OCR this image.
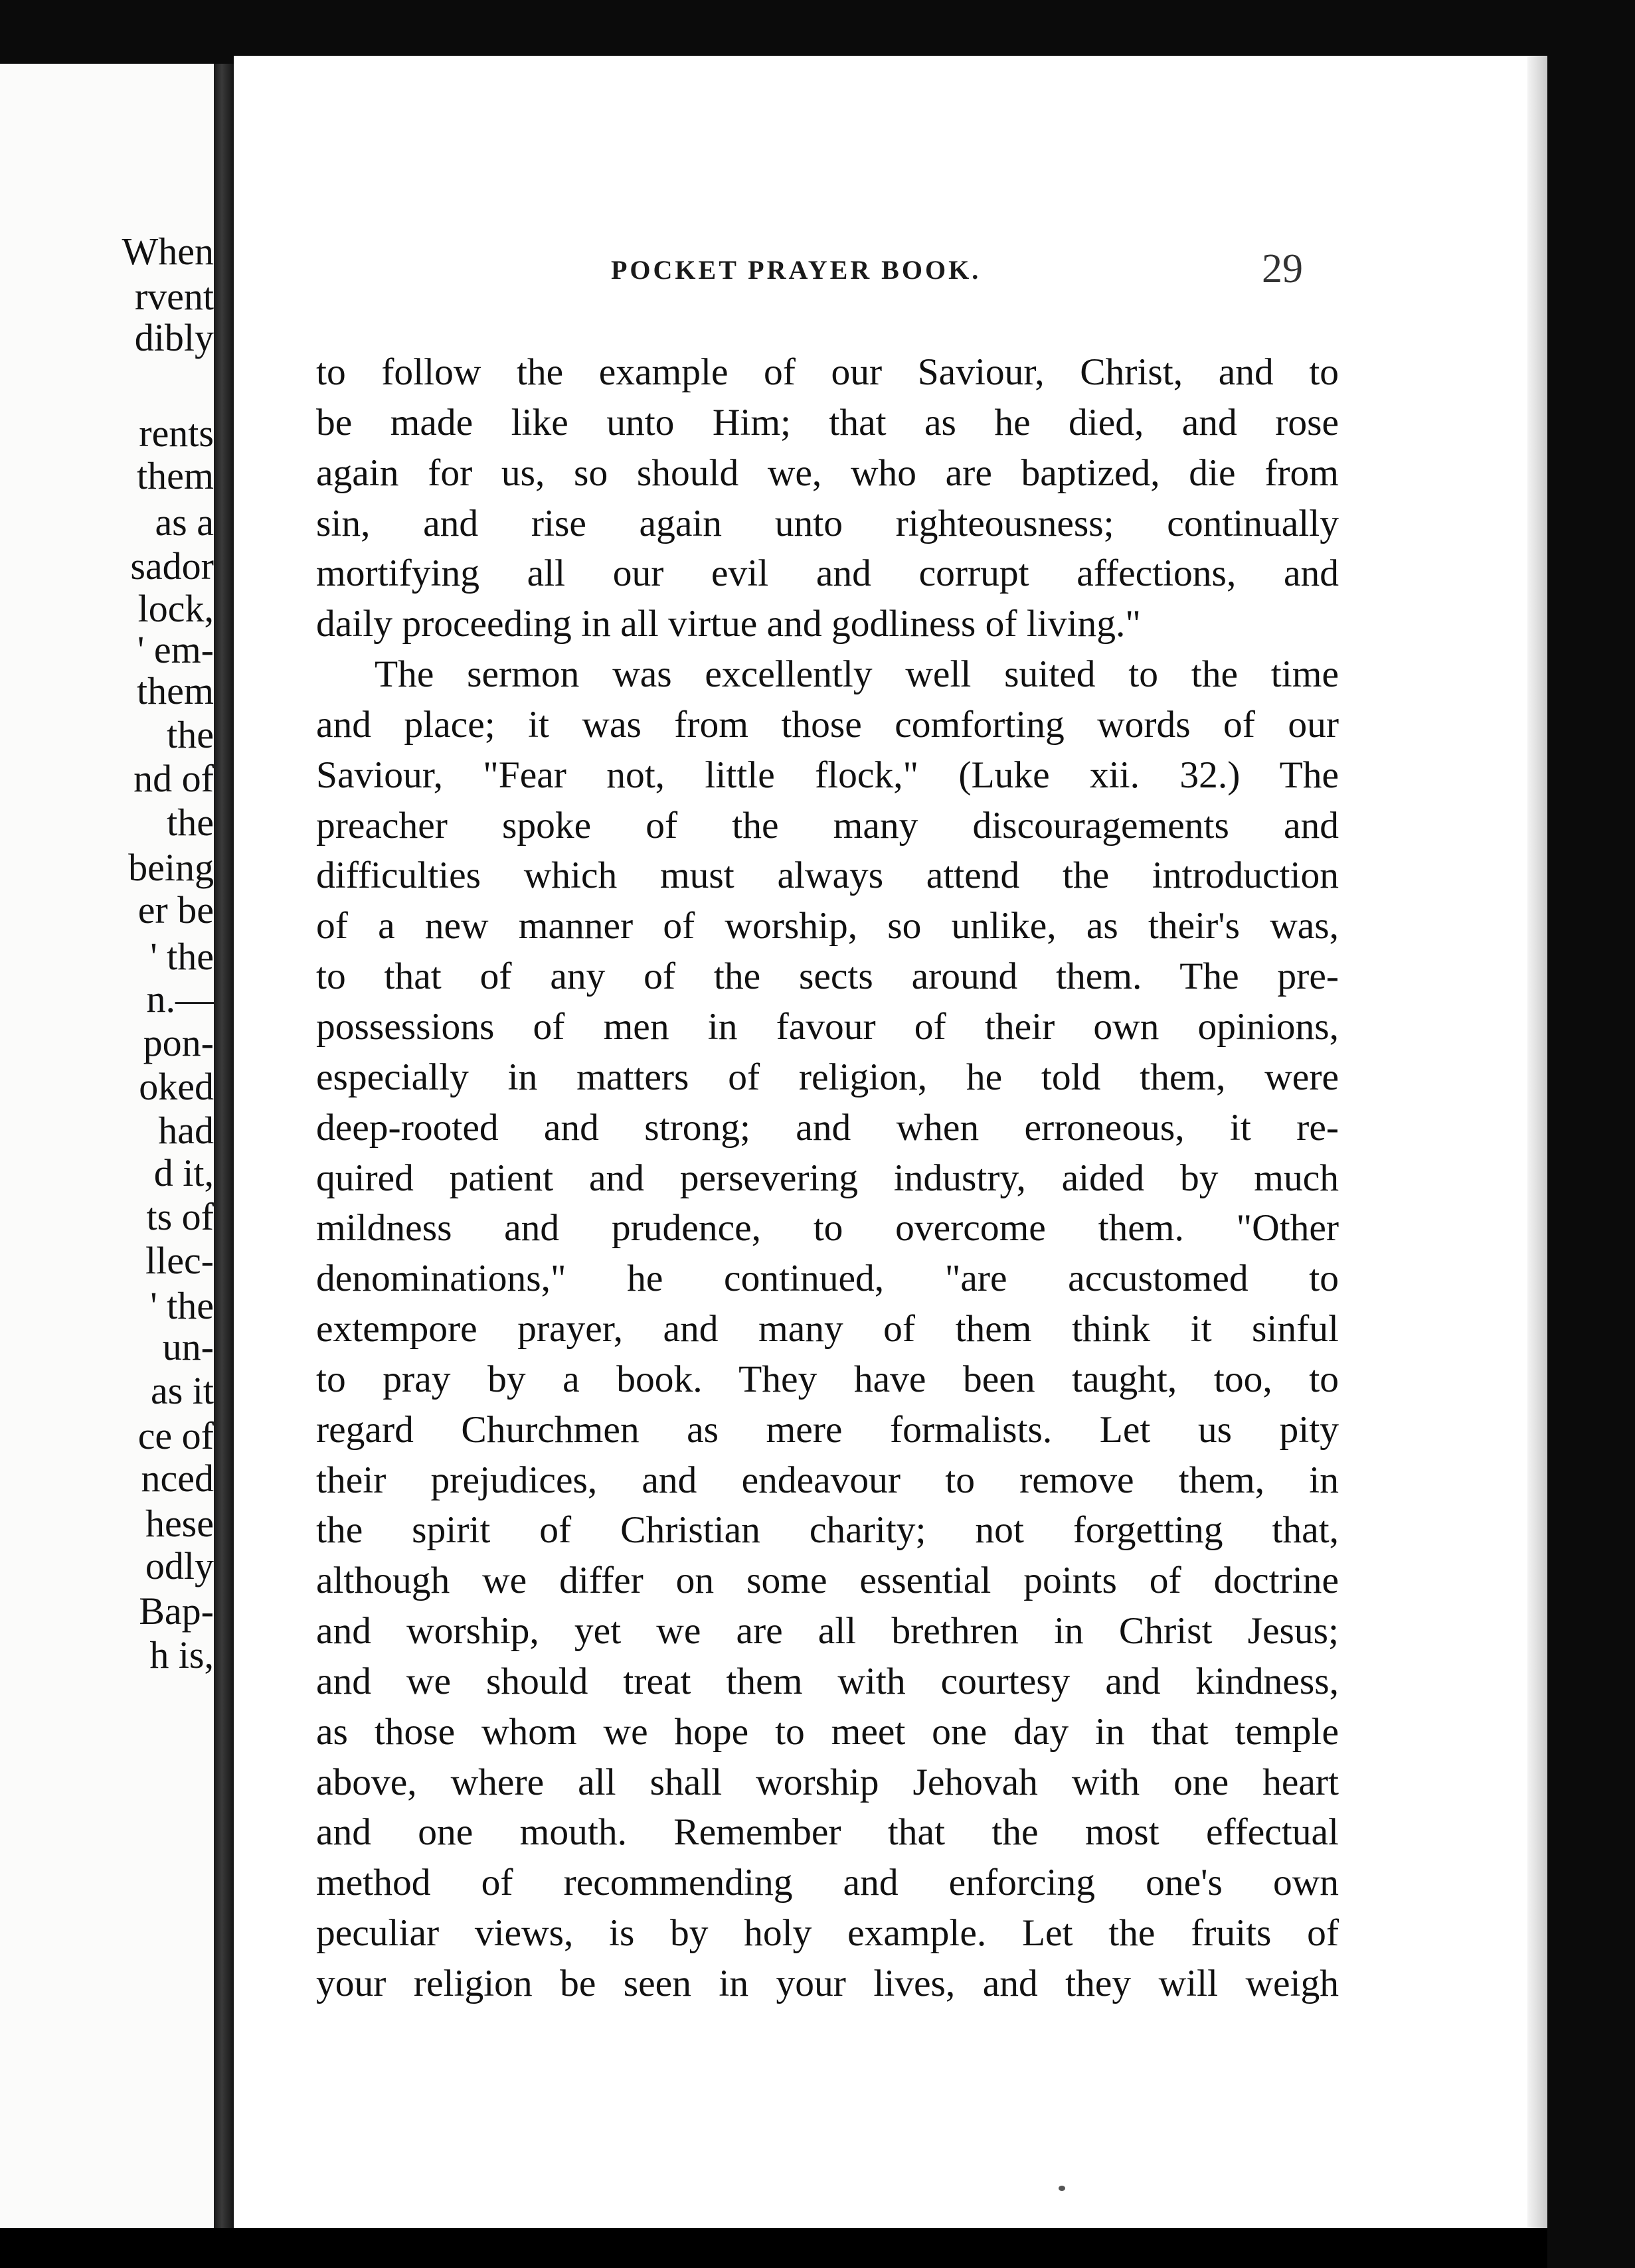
When
rvent
dibly
rents
them
as a
sador
lock,
' em-
them
the
nd of
the
being
er be
' the
n.—
pon-
oked
had
d it,
ts of
llec-
' the
un-
as it
ce of
nced
hese
odly
Bap-
h is,
POCKET PRAYER BOOK.	29
to follow the example of our Saviour, Christ, and to
be made like unto Him; that as he died, and rose
again for us, so should we, who are baptized, die from
sin, and rise again unto righteousness; continually
mortifying all our evil and corrupt affections, and
daily proceeding in all virtue and godliness of living."
The sermon was excellently well suited to the time
and place; it was from those comforting words of our
Saviour, "Fear not, little flock," (Luke xii. 32.) The
preacher spoke of the many discouragements and
difficulties which must always attend the introduction
of a new manner of worship, so unlike, as their's was,
to that of any of the sects around them. The pre-
possessions of men in favour of their own opinions,
especially in matters of religion, he told them, were
deep-rooted and strong; and when erroneous, it re-
quired patient and persevering industry, aided by much
mildness and prudence, to overcome them. "Other
denominations," he continued, "are accustomed to
extempore prayer, and many of them think it sinful
to pray by a book. They have been taught, too, to
regard Churchmen as mere formalists. Let us pity
their prejudices, and endeavour to remove them, in
the spirit of Christian charity; not forgetting that,
although we differ on some essential points of doctrine
and worship, yet we are all brethren in Christ Jesus;
and we should treat them with courtesy and kindness,
as those whom we hope to meet one day in that temple
above, where all shall worship Jehovah with one heart
and one mouth. Remember that the most effectual
method of recommending and enforcing one's own
peculiar views, is by holy example. Let the fruits of
your religion be seen in your lives, and they will weigh
